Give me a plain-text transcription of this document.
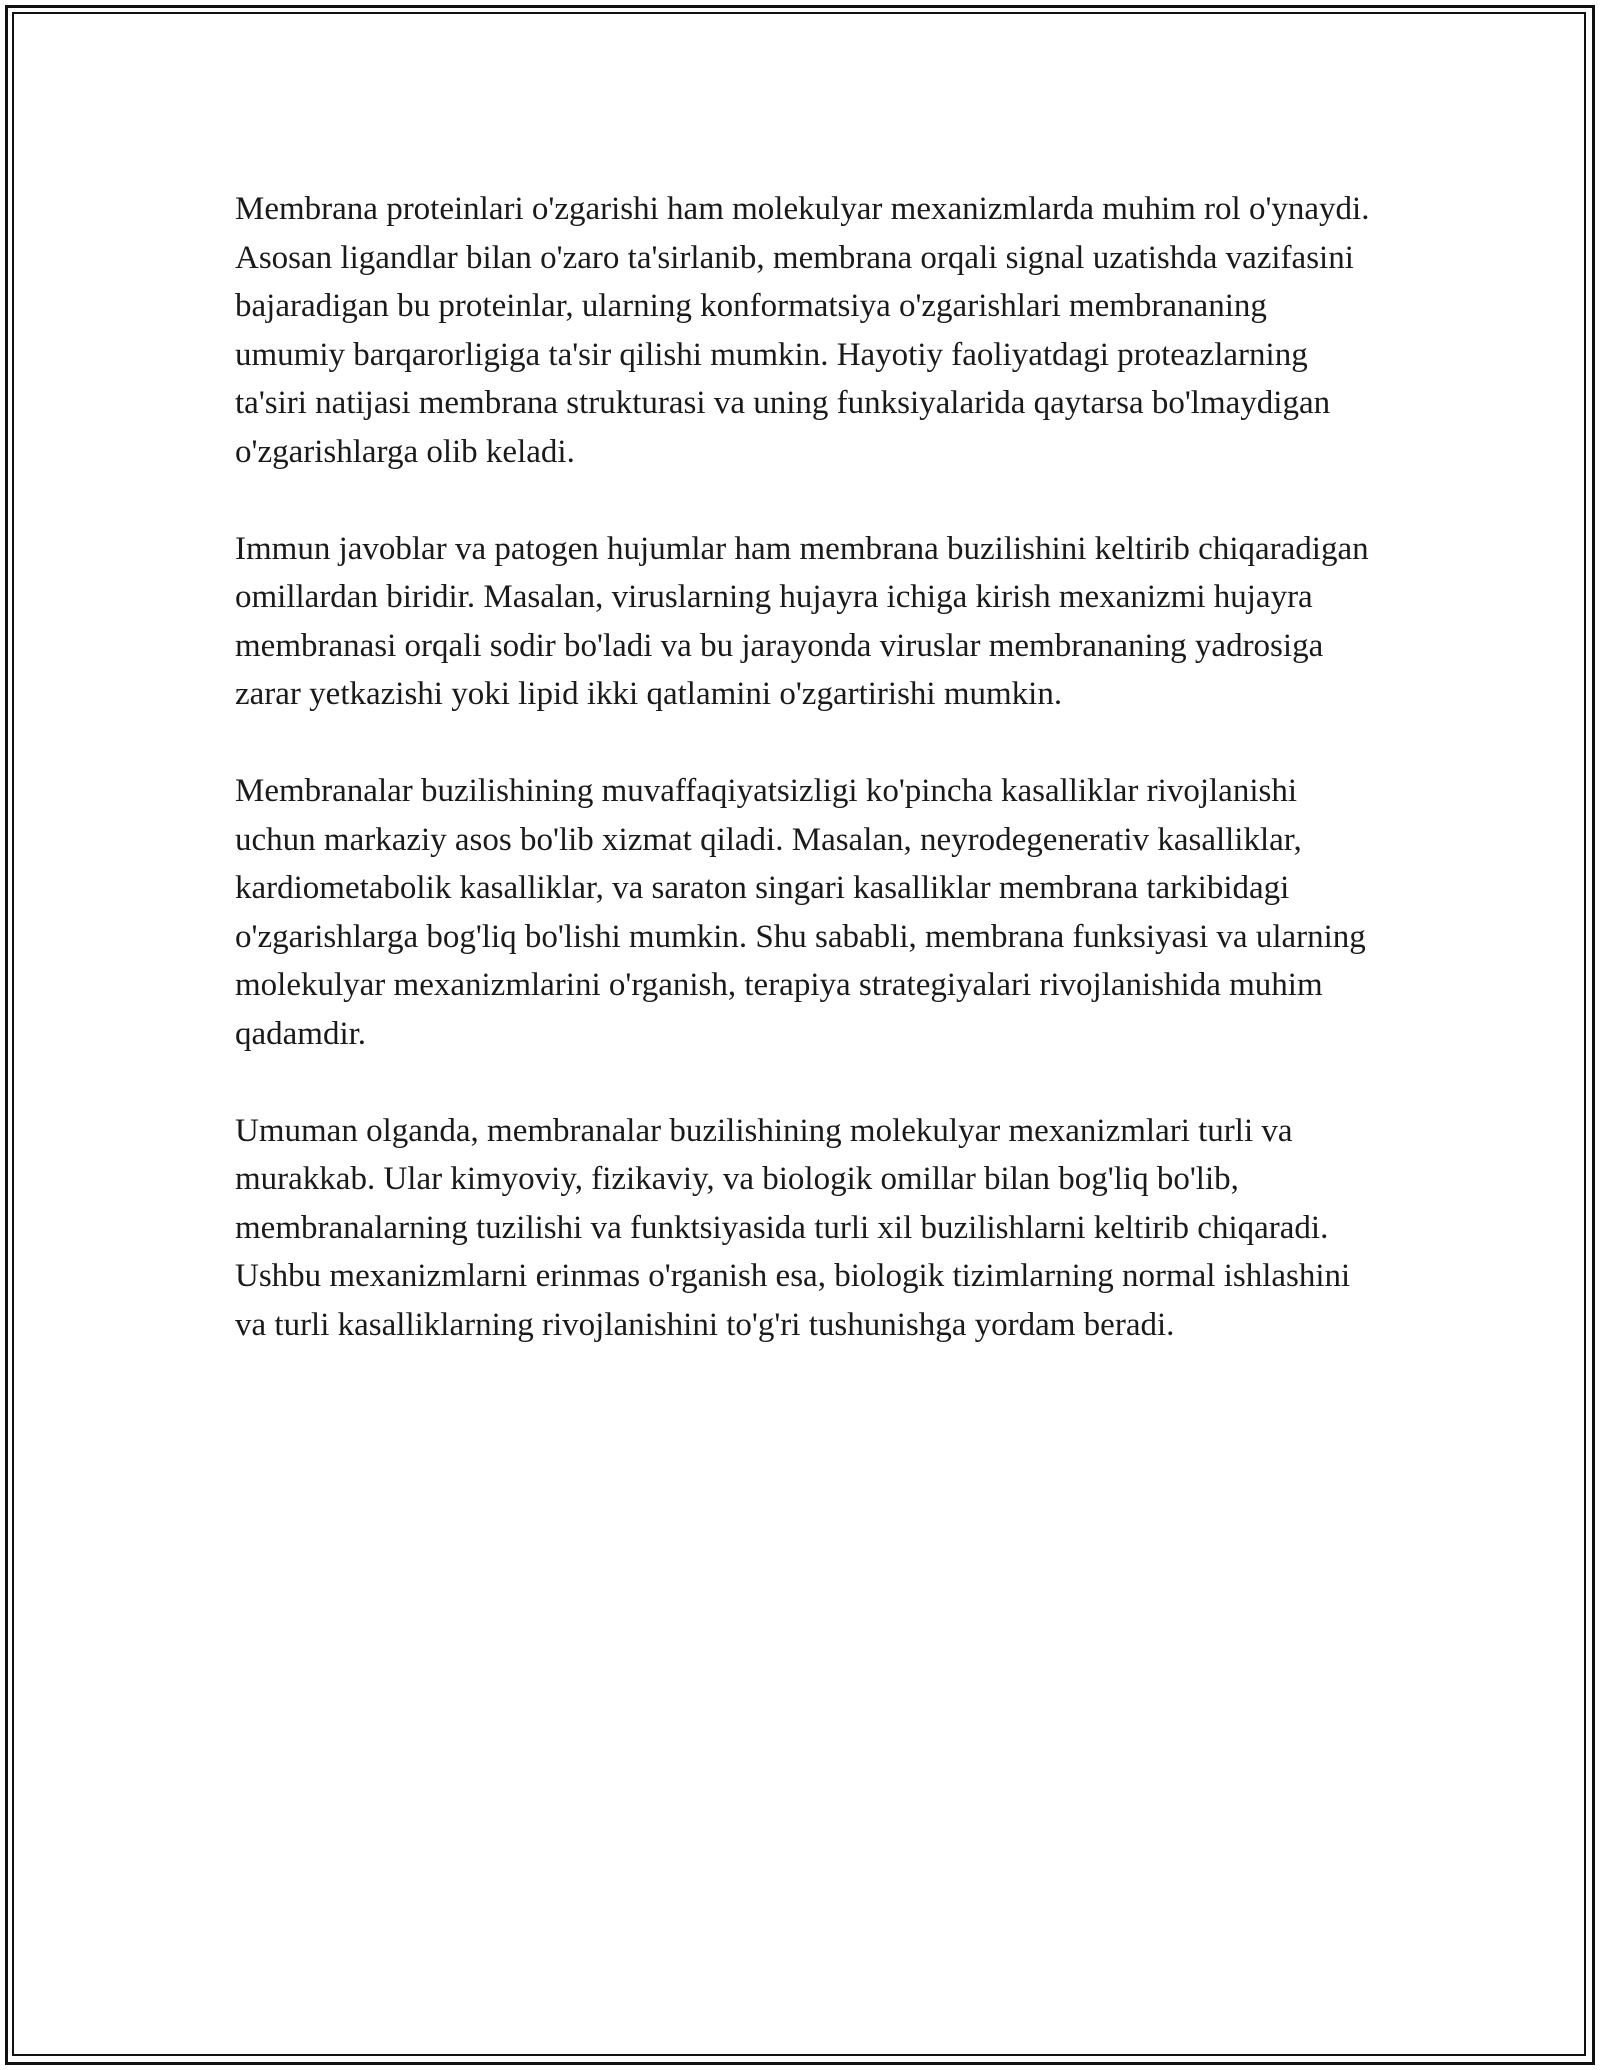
Membrana proteinlari o'zgarishi ham molekulyar mexanizmlarda muhim rol o'ynaydi. Asosan ligandlar bilan o'zaro ta'sirlanib, membrana orqali signal uzatishda vazifasini bajaradigan bu proteinlar, ularning konformatsiya o'zgarishlari membrananing umumiy barqarorligiga ta'sir qilishi mumkin. Hayotiy faoliyatdagi proteazlarning ta'siri natijasi membrana strukturasi va uning funksiyalarida qaytarsa bo'lmaydigan o'zgarishlarga olib keladi.

Immun javoblar va patogen hujumlar ham membrana buzilishini keltirib chiqaradigan omillardan biridir. Masalan, viruslarning hujayra ichiga kirish mexanizmi hujayra membranasi orqali sodir bo'ladi va bu jarayonda viruslar membrananing yadrosiga zarar yetkazishi yoki lipid ikki qatlamini o'zgartirishi mumkin.

Membranalar buzilishining muvaffaqiyatsizligi ko'pincha kasalliklar rivojlanishi uchun markaziy asos bo'lib xizmat qiladi. Masalan, neyrodegenerativ kasalliklar, kardiometabolik kasalliklar, va saraton singari kasalliklar membrana tarkibidagi o'zgarishlarga bog'liq bo'lishi mumkin. Shu sababli, membrana funksiyasi va ularning molekulyar mexanizmlarini o'rganish, terapiya strategiyalari rivojlanishida muhim qadamdir.

Umuman olganda, membranalar buzilishining molekulyar mexanizmlari turli va murakkab. Ular kimyoviy, fizikaviy, va biologik omillar bilan bog'liq bo'lib, membranalarning tuzilishi va funktsiyasida turli xil buzilishlarni keltirib chiqaradi. Ushbu mexanizmlarni erinmas o'rganish esa, biologik tizimlarning normal ishlashini va turli kasalliklarning rivojlanishini to'g'ri tushunishga yordam beradi.
